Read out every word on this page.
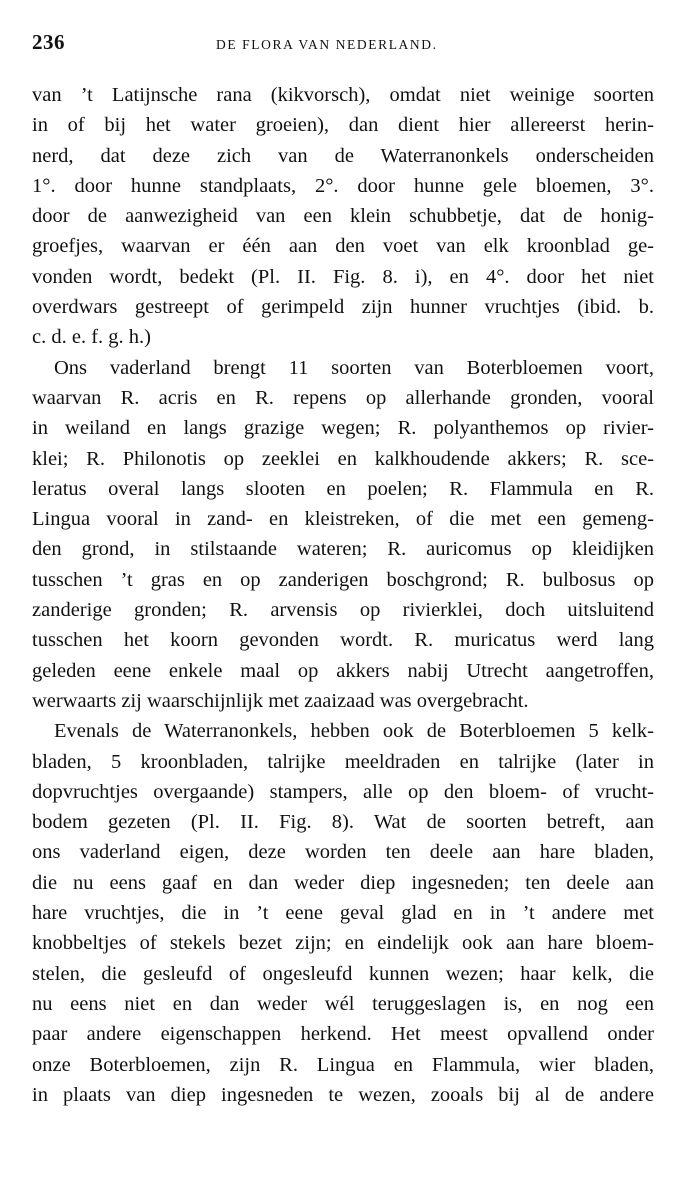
236	DE FLORA VAN NEDERLAND.
van ’t Latijnsche rana (kikvorsch), omdat niet weinige soorten
in of bij het water groeien), dan dient hier allereerst herin-
nerd, dat deze zich van de Waterranonkels onderscheiden
1°. door hunne standplaats, 2°. door hunne gele bloemen, 3°.
door de aanwezigheid van een klein schubbetje, dat de honig-
groefjes, waarvan er één aan den voet van elk kroonblad ge-
vonden wordt, bedekt (Pl. II. Fig. 8. i), en 4°. door het niet
overdwars gestreept of gerimpeld zijn hunner vruchtjes (ibid. b.
c. d. e. f. g. h.)
Ons vaderland brengt 11 soorten van Boterbloemen voort,
waarvan R. acris en R. repens op allerhande gronden, vooral
in weiland en langs grazige wegen; R. polyanthemos op rivier-
klei; R. Philonotis op zeeklei en kalkhoudende akkers; R. sce-
leratus overal langs slooten en poelen; R. Flammula en R.
Lingua vooral in zand- en kleistreken, of die met een gemeng-
den grond, in stilstaande wateren; R. auricomus op kleidijken
tusschen ’t gras en op zanderigen boschgrond; R. bulbosus op
zanderige gronden; R. arvensis op rivierklei, doch uitsluitend
tusschen het koorn gevonden wordt. R. muricatus werd lang
geleden eene enkele maal op akkers nabij Utrecht aangetroffen,
werwaarts zij waarschijnlijk met zaaizaad was overgebracht.
Evenals de Waterranonkels, hebben ook de Boterbloemen 5 kelk-
bladen, 5 kroonbladen, talrijke meeldraden en talrijke (later in
dopvruchtjes overgaande) stampers, alle op den bloem- of vrucht-
bodem gezeten (Pl. II. Fig. 8). Wat de soorten betreft, aan
ons vaderland eigen, deze worden ten deele aan hare bladen,
die nu eens gaaf en dan weder diep ingesneden; ten deele aan
hare vruchtjes, die in ’t eene geval glad en in ’t andere met
knobbeltjes of stekels bezet zijn; en eindelijk ook aan hare bloem-
stelen, die gesleufd of ongesleufd kunnen wezen; haar kelk, die
nu eens niet en dan weder wél teruggeslagen is, en nog een
paar andere eigenschappen herkend. Het meest opvallend onder
onze Boterbloemen, zijn R. Lingua en Flammula, wier bladen,
in plaats van diep ingesneden te wezen, zooals bij al de andere
